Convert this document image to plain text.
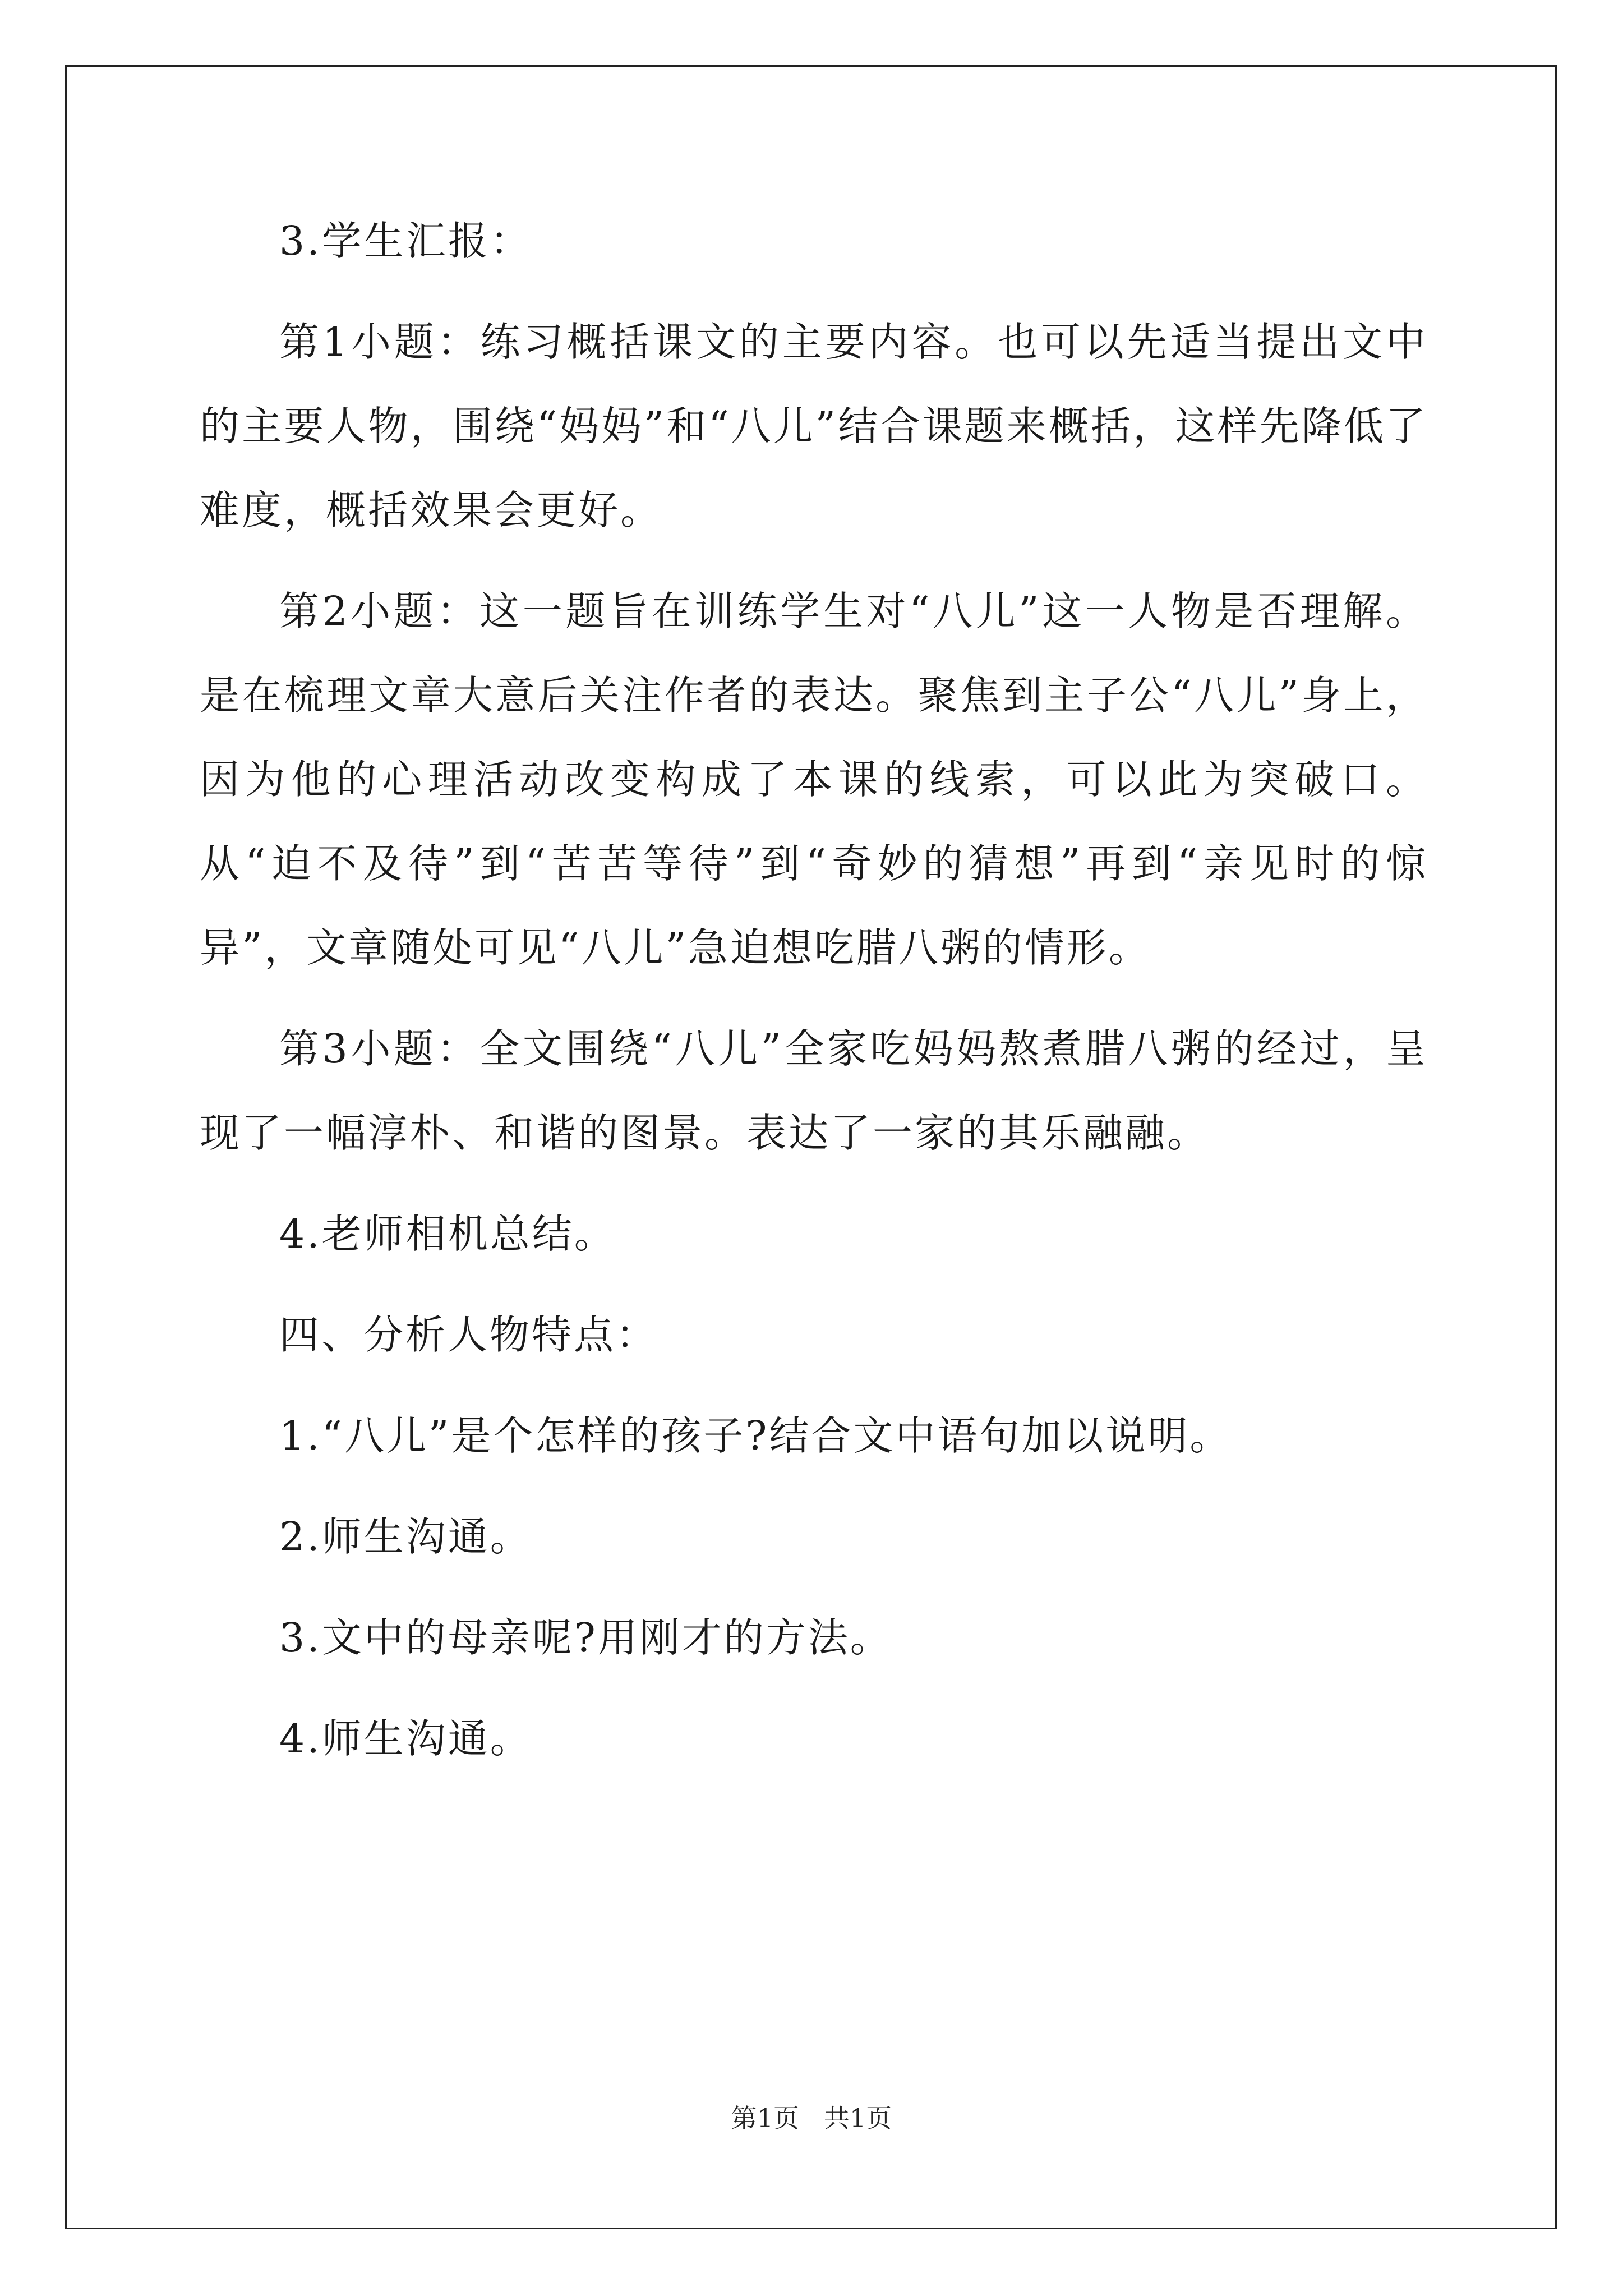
3.学生汇报：

第1小题：练习概括课文的主要内容。也可以先适当提出文中的主要人物，围绕“妈妈”和“八儿”结合课题来概括，这样先降低了难度，概括效果会更好。

第2小题：这一题旨在训练学生对“八儿”这一人物是否理解。是在梳理文章大意后关注作者的表达。聚焦到主子公“八儿”身上，因为他的心理活动改变构成了本课的线索，可以此为突破口。从“迫不及待”到“苦苦等待”到“奇妙的猜想”再到“亲见时的惊异”，文章随处可见“八儿”急迫想吃腊八粥的情形。

第3小题：全文围绕“八儿”全家吃妈妈熬煮腊八粥的经过，呈现了一幅淳朴、和谐的图景。表达了一家的其乐融融。

4.老师相机总结。

四、分析人物特点：

1.“八儿”是个怎样的孩子?结合文中语句加以说明。

2.师生沟通。

3.文中的母亲呢?用刚才的方法。

4.师生沟通。

第1页 共1页
